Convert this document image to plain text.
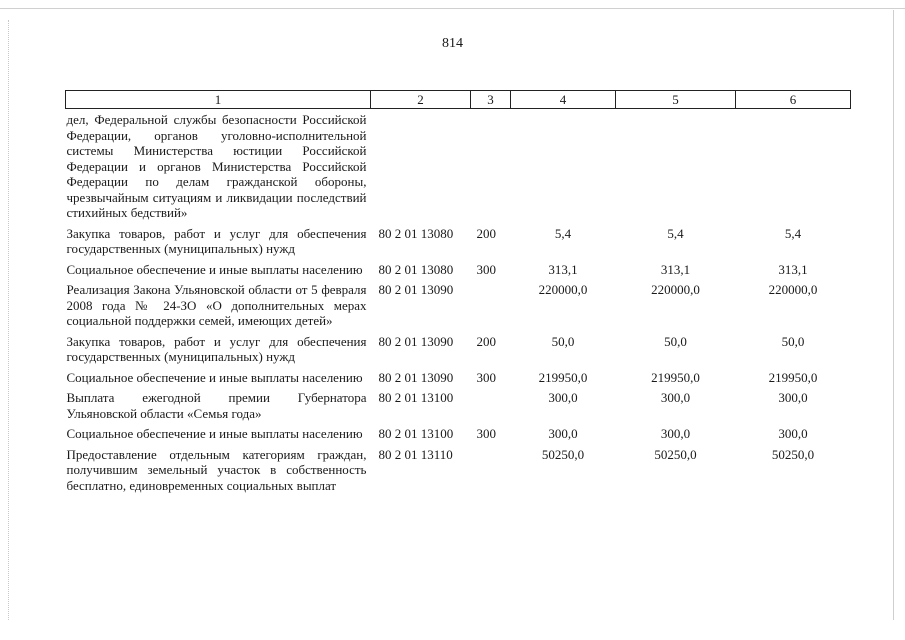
814
1	2	3	4	5	6
дел, Федеральной службы безопасности Российской Федерации, органов уголовно-исполнительной системы Министерства юстиции Российской Федерации и органов Министерства Российской Федерации по делам гражданской обороны, чрезвычайным ситуациям и ликвидации последствий стихийных бедствий»					
Закупка товаров, работ и услуг для обеспечения государственных (муниципальных) нужд	80 2 01 13080	200	5,4	5,4	5,4
Социальное обеспечение и иные выплаты населению	80 2 01 13080	300	313,1	313,1	313,1
Реализация Закона Ульяновской области от 5 февраля 2008 года № 24-ЗО «О дополнительных мерах социальной поддержки семей, имеющих детей»	80 2 01 13090		220000,0	220000,0	220000,0
Закупка товаров, работ и услуг для обеспечения государственных (муниципальных) нужд	80 2 01 13090	200	50,0	50,0	50,0
Социальное обеспечение и иные выплаты населению	80 2 01 13090	300	219950,0	219950,0	219950,0
Выплата ежегодной премии Губернатора Ульяновской области «Семья года»	80 2 01 13100		300,0	300,0	300,0
Социальное обеспечение и иные выплаты населению	80 2 01 13100	300	300,0	300,0	300,0
Предоставление отдельным категориям граждан, получившим земельный участок в собственность бесплатно, единовременных социальных выплат	80 2 01 13110		50250,0	50250,0	50250,0
